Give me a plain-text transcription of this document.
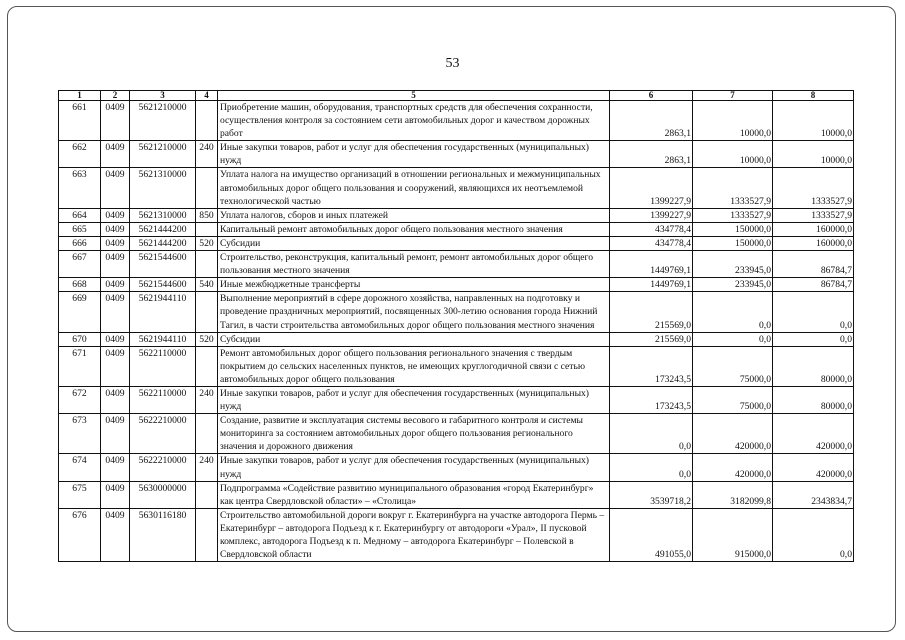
53
1	2	3	4	5	6	7	8
661	0409	5621210000		Приобретение машин, оборудования, транспортных средств для обеспечения сохранности, осуществления контроля за состоянием сети автомобильных дорог и качеством дорожных работ	2863,1	10000,0	10000,0
662	0409	5621210000	240	Иные закупки товаров, работ и услуг для обеспечения государственных (муниципальных) нужд	2863,1	10000,0	10000,0
663	0409	5621310000		Уплата налога на имущество организаций в отношении региональных и межмуниципальных автомобильных дорог общего пользования и сооружений, являющихся их неотъемлемой технологической частью	1399227,9	1333527,9	1333527,9
664	0409	5621310000	850	Уплата налогов, сборов и иных платежей	1399227,9	1333527,9	1333527,9
665	0409	5621444200		Капитальный ремонт автомобильных дорог общего пользования местного значения	434778,4	150000,0	160000,0
666	0409	5621444200	520	Субсидии	434778,4	150000,0	160000,0
667	0409	5621544600		Строительство, реконструкция, капитальный ремонт, ремонт автомобильных дорог общего пользования местного значения	1449769,1	233945,0	86784,7
668	0409	5621544600	540	Иные межбюджетные трансферты	1449769,1	233945,0	86784,7
669	0409	5621944110		Выполнение мероприятий в сфере дорожного хозяйства, направленных на подготовку и проведение праздничных мероприятий, посвященных 300-летию основания города Нижний Тагил, в части строительства автомобильных дорог общего пользования местного значения	215569,0	0,0	0,0
670	0409	5621944110	520	Субсидии	215569,0	0,0	0,0
671	0409	5622110000		Ремонт автомобильных дорог общего пользования регионального значения с твердым покрытием до сельских населенных пунктов, не имеющих круглогодичной связи с сетью автомобильных дорог общего пользования	173243,5	75000,0	80000,0
672	0409	5622110000	240	Иные закупки товаров, работ и услуг для обеспечения государственных (муниципальных) нужд	173243,5	75000,0	80000,0
673	0409	5622210000		Создание, развитие и эксплуатация системы весового и габаритного контроля и системы мониторинга за состоянием автомобильных дорог общего пользования регионального значения и дорожного движения	0,0	420000,0	420000,0
674	0409	5622210000	240	Иные закупки товаров, работ и услуг для обеспечения государственных (муниципальных) нужд	0,0	420000,0	420000,0
675	0409	5630000000		Подпрограмма «Содействие развитию муниципального образования «город Екатеринбург» как центра Свердловской области» – «Столица»	3539718,2	3182099,8	2343834,7
676	0409	5630116180		Строительство автомобильной дороги вокруг г. Екатеринбурга на участке автодорога Пермь – Екатеринбург – автодорога Подъезд к г. Екатеринбургу от автодороги «Урал», II пусковой комплекс, автодорога Подъезд к п. Медному – автодорога Екатеринбург – Полевской в Свердловской области	491055,0	915000,0	0,0
